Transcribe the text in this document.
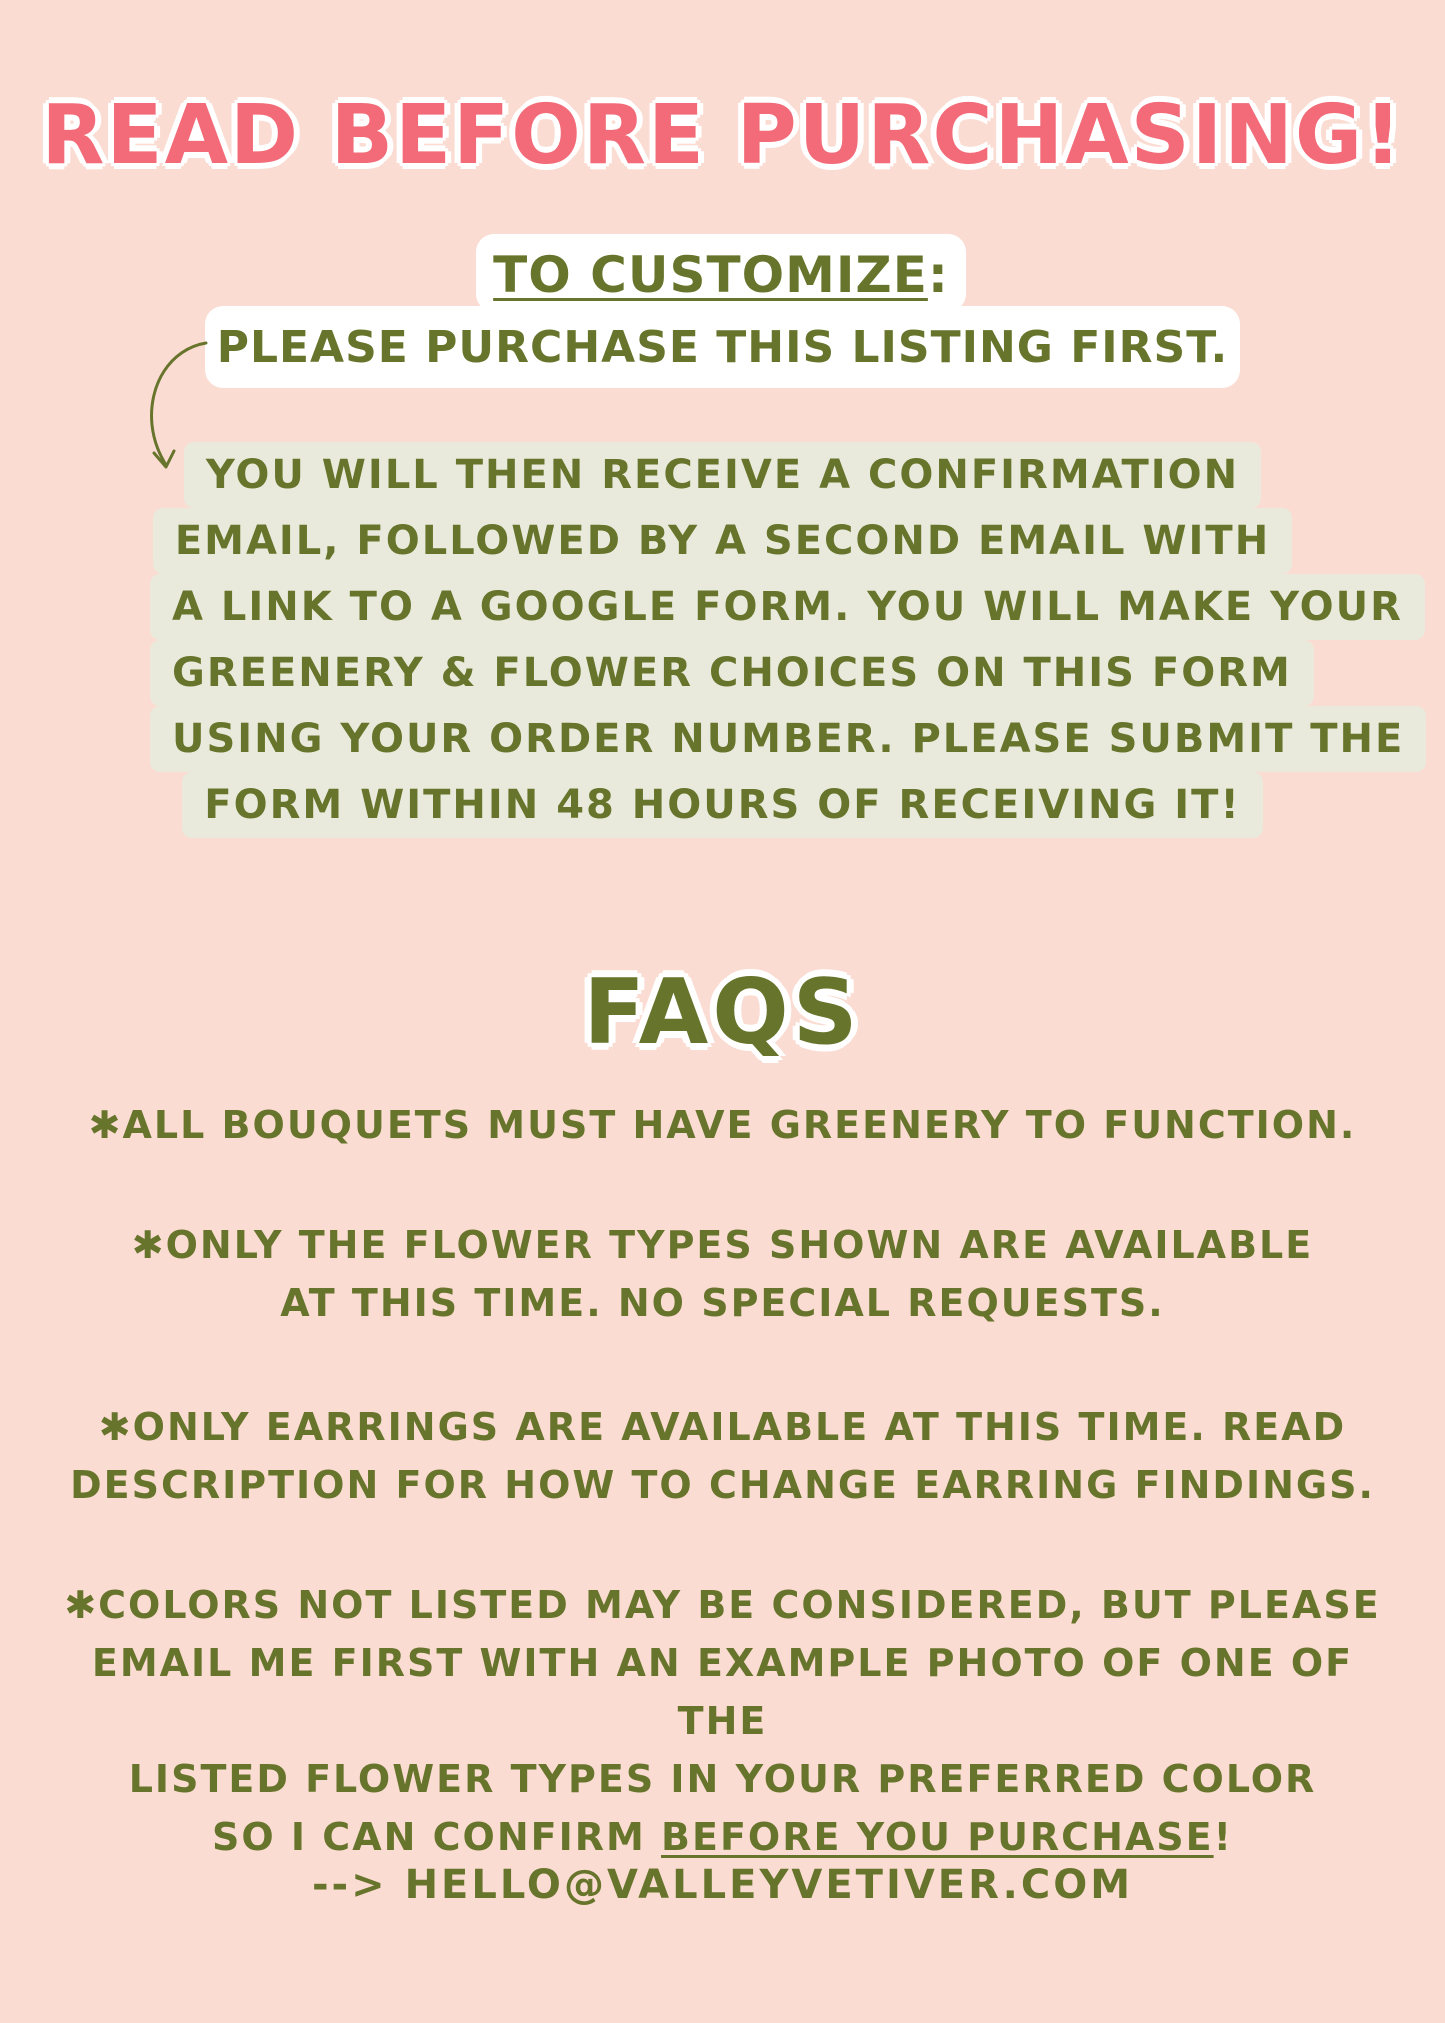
READ BEFORE PURCHASING!
TO CUSTOMIZE:
PLEASE PURCHASE THIS LISTING FIRST.
YOU WILL THEN RECEIVE A CONFIRMATION
EMAIL, FOLLOWED BY A SECOND EMAIL WITH
A LINK TO A GOOGLE FORM. YOU WILL MAKE YOUR
GREENERY & FLOWER CHOICES ON THIS FORM
USING YOUR ORDER NUMBER. PLEASE SUBMIT THE
FORM WITHIN 48 HOURS OF RECEIVING IT!
FAQS
✱ALL BOUQUETS MUST HAVE GREENERY TO FUNCTION.
✱ONLY THE FLOWER TYPES SHOWN ARE AVAILABLE
AT THIS TIME. NO SPECIAL REQUESTS.
✱ONLY EARRINGS ARE AVAILABLE AT THIS TIME. READ
DESCRIPTION FOR HOW TO CHANGE EARRING FINDINGS.
✱COLORS NOT LISTED MAY BE CONSIDERED, BUT PLEASE
EMAIL ME FIRST WITH AN EXAMPLE PHOTO OF ONE OF THE
LISTED FLOWER TYPES IN YOUR PREFERRED COLOR
SO I CAN CONFIRM BEFORE YOU PURCHASE!
--> HELLO@VALLEYVETIVER.COM
